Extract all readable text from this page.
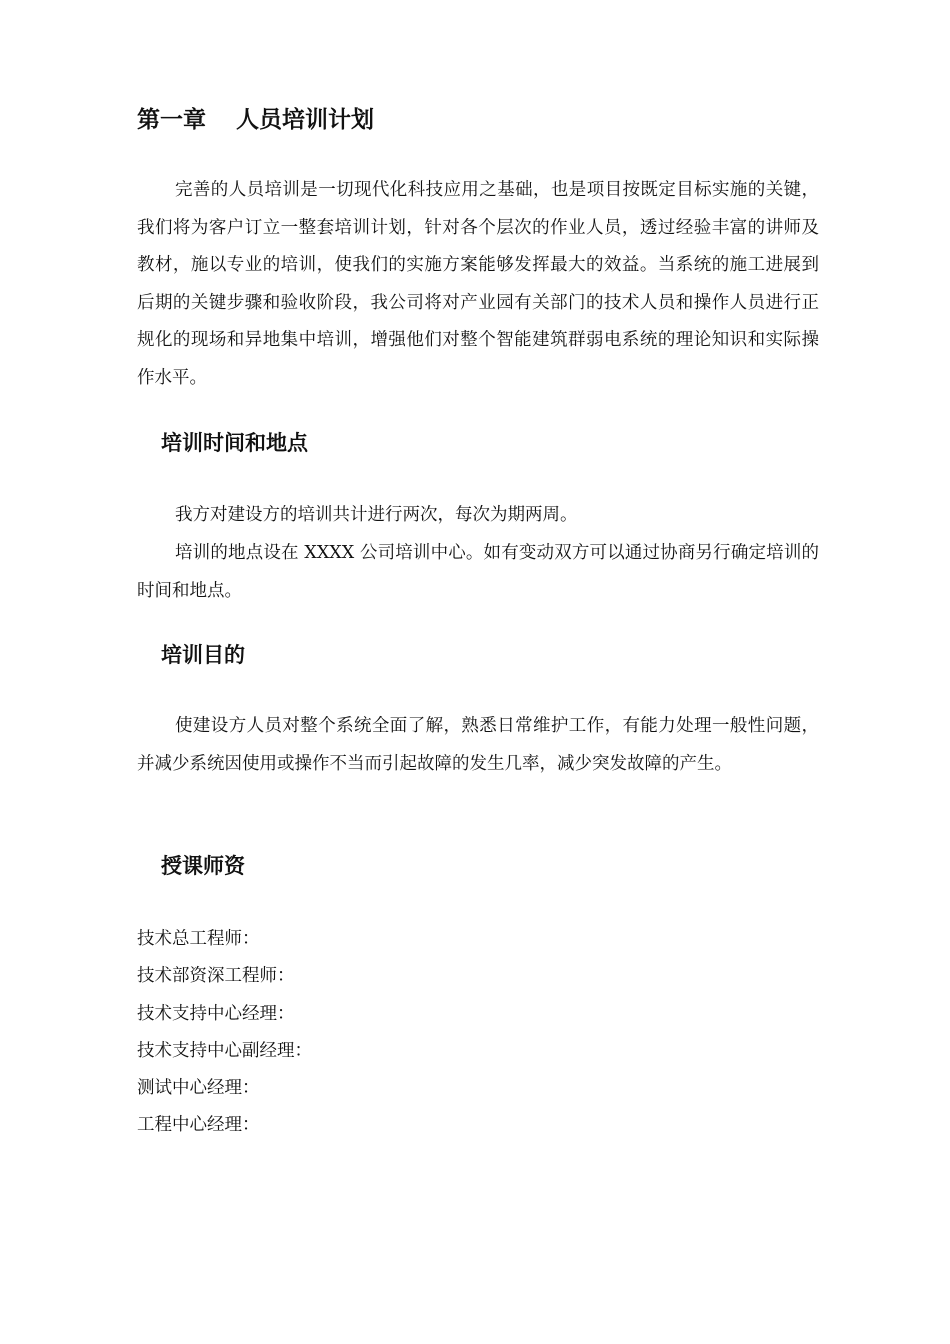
第一章 人员培训计划

完善的人员培训是一切现代化科技应用之基础，也是项目按既定目标实施的关键，我们将为客户订立一整套培训计划，针对各个层次的作业人员，透过经验丰富的讲师及教材，施以专业的培训，使我们的实施方案能够发挥最大的效益。当系统的施工进展到后期的关键步骤和验收阶段，我公司将对产业园有关部门的技术人员和操作人员进行正规化的现场和异地集中培训，增强他们对整个智能建筑群弱电系统的理论知识和实际操作水平。

培训时间和地点

我方对建设方的培训共计进行两次，每次为期两周。

培训的地点设在 XXXX 公司培训中心。如有变动双方可以通过协商另行确定培训的时间和地点。

培训目的

使建设方人员对整个系统全面了解，熟悉日常维护工作，有能力处理一般性问题，并减少系统因使用或操作不当而引起故障的发生几率，减少突发故障的产生。

授课师资
技术总工程师：
技术部资深工程师：
技术支持中心经理：
技术支持中心副经理：
测试中心经理：
工程中心经理：
